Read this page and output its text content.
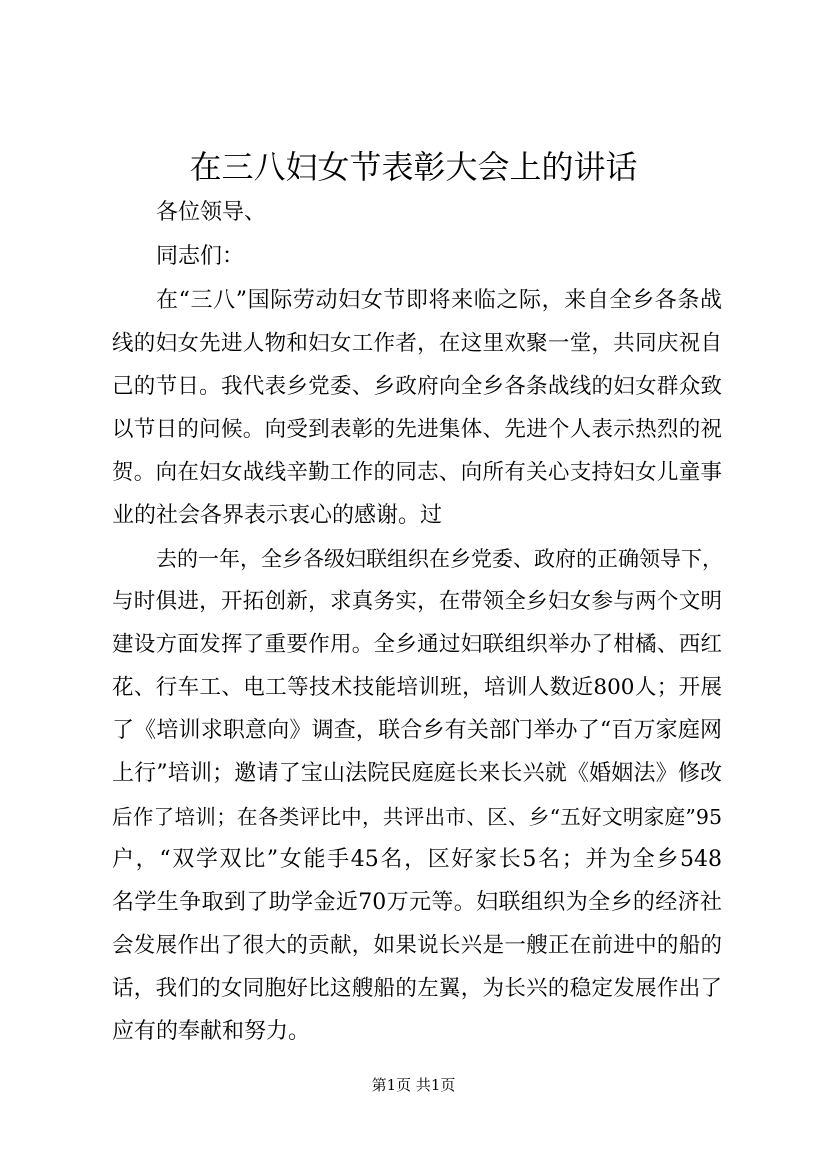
在三八妇女节表彰大会上的讲话
各位领导、
同志们：
在“三八”国际劳动妇女节即将来临之际，来自全乡各条战
线的妇女先进人物和妇女工作者，在这里欢聚一堂，共同庆祝自
己的节日。我代表乡党委、乡政府向全乡各条战线的妇女群众致
以节日的问候。向受到表彰的先进集体、先进个人表示热烈的祝
贺。向在妇女战线辛勤工作的同志、向所有关心支持妇女儿童事
业的社会各界表示衷心的感谢。过
去的一年，全乡各级妇联组织在乡党委、政府的正确领导下，
与时俱进，开拓创新，求真务实，在带领全乡妇女参与两个文明
建设方面发挥了重要作用。全乡通过妇联组织举办了柑橘、西红
花、行车工、电工等技术技能培训班，培训人数近800人；开展
了《培训求职意向》调查，联合乡有关部门举办了“百万家庭网
上行”培训；邀请了宝山法院民庭庭长来长兴就《婚姻法》修改
后作了培训；在各类评比中，共评出市、区、乡“五好文明家庭”95
户，“双学双比”女能手45名，区好家长5名；并为全乡548
名学生争取到了助学金近70万元等。妇联组织为全乡的经济社
会发展作出了很大的贡献，如果说长兴是一艘正在前进中的船的
话，我们的女同胞好比这艘船的左翼，为长兴的稳定发展作出了
应有的奉献和努力。
第1页 共1页
